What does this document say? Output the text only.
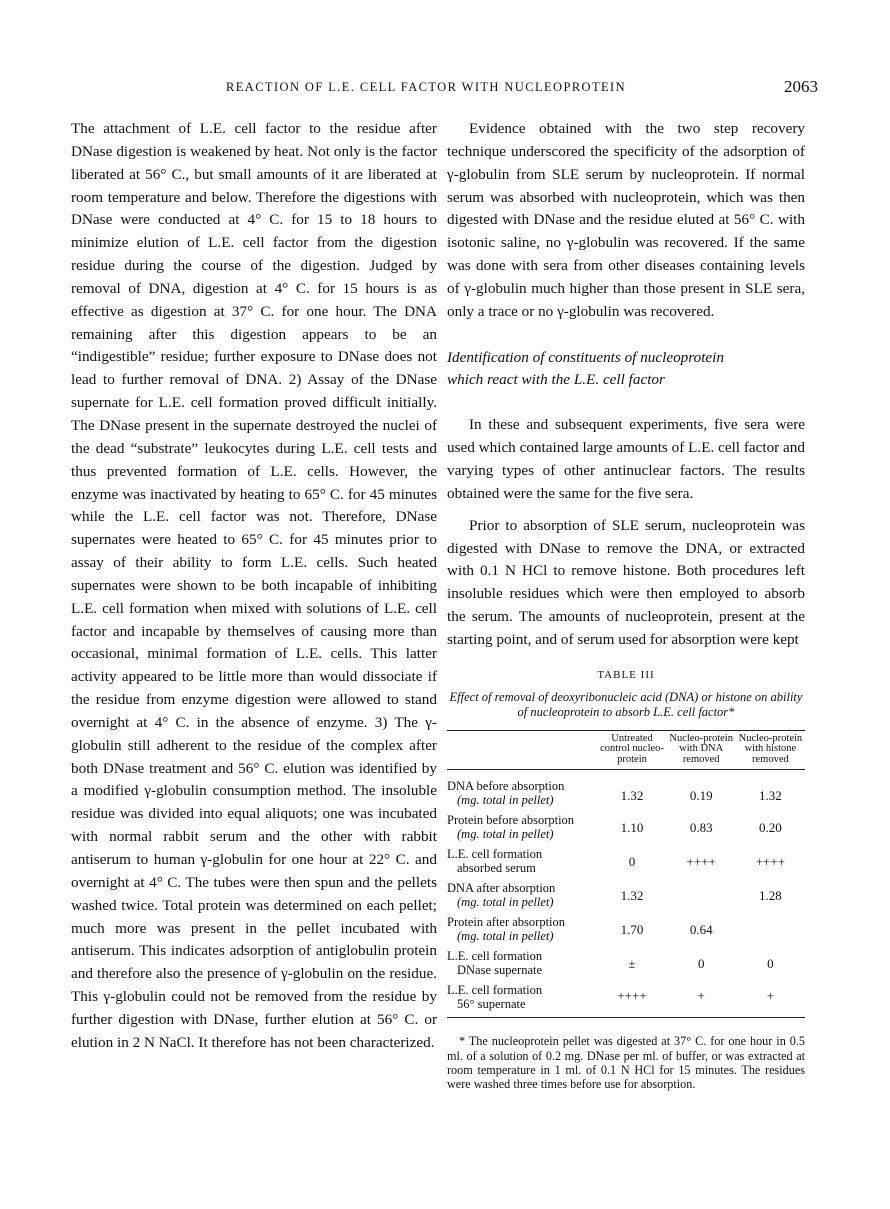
REACTION OF L.E. CELL FACTOR WITH NUCLEOPROTEIN	2063

The attachment of L.E. cell factor to the residue after DNase digestion is weakened by heat. Not only is the factor liberated at 56° C., but small amounts of it are liberated at room temperature and below. Therefore the digestions with DNase were conducted at 4° C. for 15 to 18 hours to minimize elution of L.E. cell factor from the digestion residue during the course of the digestion. Judged by removal of DNA, digestion at 4° C. for 15 hours is as effective as digestion at 37° C. for one hour. The DNA remaining after this digestion appears to be an “indigestible” residue; further exposure to DNase does not lead to further removal of DNA. 2) Assay of the DNase supernate for L.E. cell formation proved difficult initially. The DNase present in the supernate destroyed the nuclei of the dead “substrate” leukocytes during L.E. cell tests and thus prevented formation of L.E. cells. However, the enzyme was inactivated by heating to 65° C. for 45 minutes while the L.E. cell factor was not. Therefore, DNase supernates were heated to 65° C. for 45 minutes prior to assay of their ability to form L.E. cells. Such heated supernates were shown to be both incapable of inhibiting L.E. cell formation when mixed with solutions of L.E. cell factor and incapable by themselves of causing more than occasional, minimal formation of L.E. cells. This latter activity appeared to be little more than would dissociate if the residue from enzyme digestion were allowed to stand overnight at 4° C. in the absence of enzyme. 3) The γ-globulin still adherent to the residue of the complex after both DNase treatment and 56° C. elution was identified by a modified γ-globulin consumption method. The insoluble residue was divided into equal aliquots; one was incubated with normal rabbit serum and the other with rabbit antiserum to human γ-globulin for one hour at 22° C. and overnight at 4° C. The tubes were then spun and the pellets washed twice. Total protein was determined on each pellet; much more was present in the pellet incubated with antiserum. This indicates adsorption of antiglobulin protein and therefore also the presence of γ-globulin on the residue. This γ-globulin could not be removed from the residue by further digestion with DNase, further elution at 56° C. or elution in 2 N NaCl. It therefore has not been characterized.

Evidence obtained with the two step recovery technique underscored the specificity of the adsorption of γ-globulin from SLE serum by nucleoprotein. If normal serum was absorbed with nucleoprotein, which was then digested with DNase and the residue eluted at 56° C. with isotonic saline, no γ-globulin was recovered. If the same was done with sera from other diseases containing levels of γ-globulin much higher than those present in SLE sera, only a trace or no γ-globulin was recovered.

Identification of constituents of nucleoprotein
which react with the L.E. cell factor

In these and subsequent experiments, five sera were used which contained large amounts of L.E. cell factor and varying types of other antinuclear factors. The results obtained were the same for the five sera.

Prior to absorption of SLE serum, nucleoprotein was digested with DNase to remove the DNA, or extracted with 0.1 N HCl to remove histone. Both procedures left insoluble residues which were then employed to absorb the serum. The amounts of nucleoprotein, present at the starting point, and of serum used for absorption were kept

TABLE III
Effect of removal of deoxyribonucleic acid (DNA) or histone on ability of nucleoprotein to absorb L.E. cell factor*

	Untreated control nucleo-protein	Nucleo-protein with DNA removed	Nucleo-protein with histone removed
DNA before absorption
(mg. total in pellet)	1.32	0.19	1.32
Protein before absorption
(mg. total in pellet)	1.10	0.83	0.20
L.E. cell formation
absorbed serum	0	++++	++++
DNA after absorption
(mg. total in pellet)	1.32		1.28
Protein after absorption
(mg. total in pellet)	1.70	0.64	
L.E. cell formation
DNase supernate	±	0	0
L.E. cell formation
56° supernate	++++	+	+
* The nucleoprotein pellet was digested at 37° C. for one hour in 0.5 ml. of a solution of 0.2 mg. DNase per ml. of buffer, or was extracted at room temperature in 1 ml. of 0.1 N HCl for 15 minutes. The residues were washed three times before use for absorption.
